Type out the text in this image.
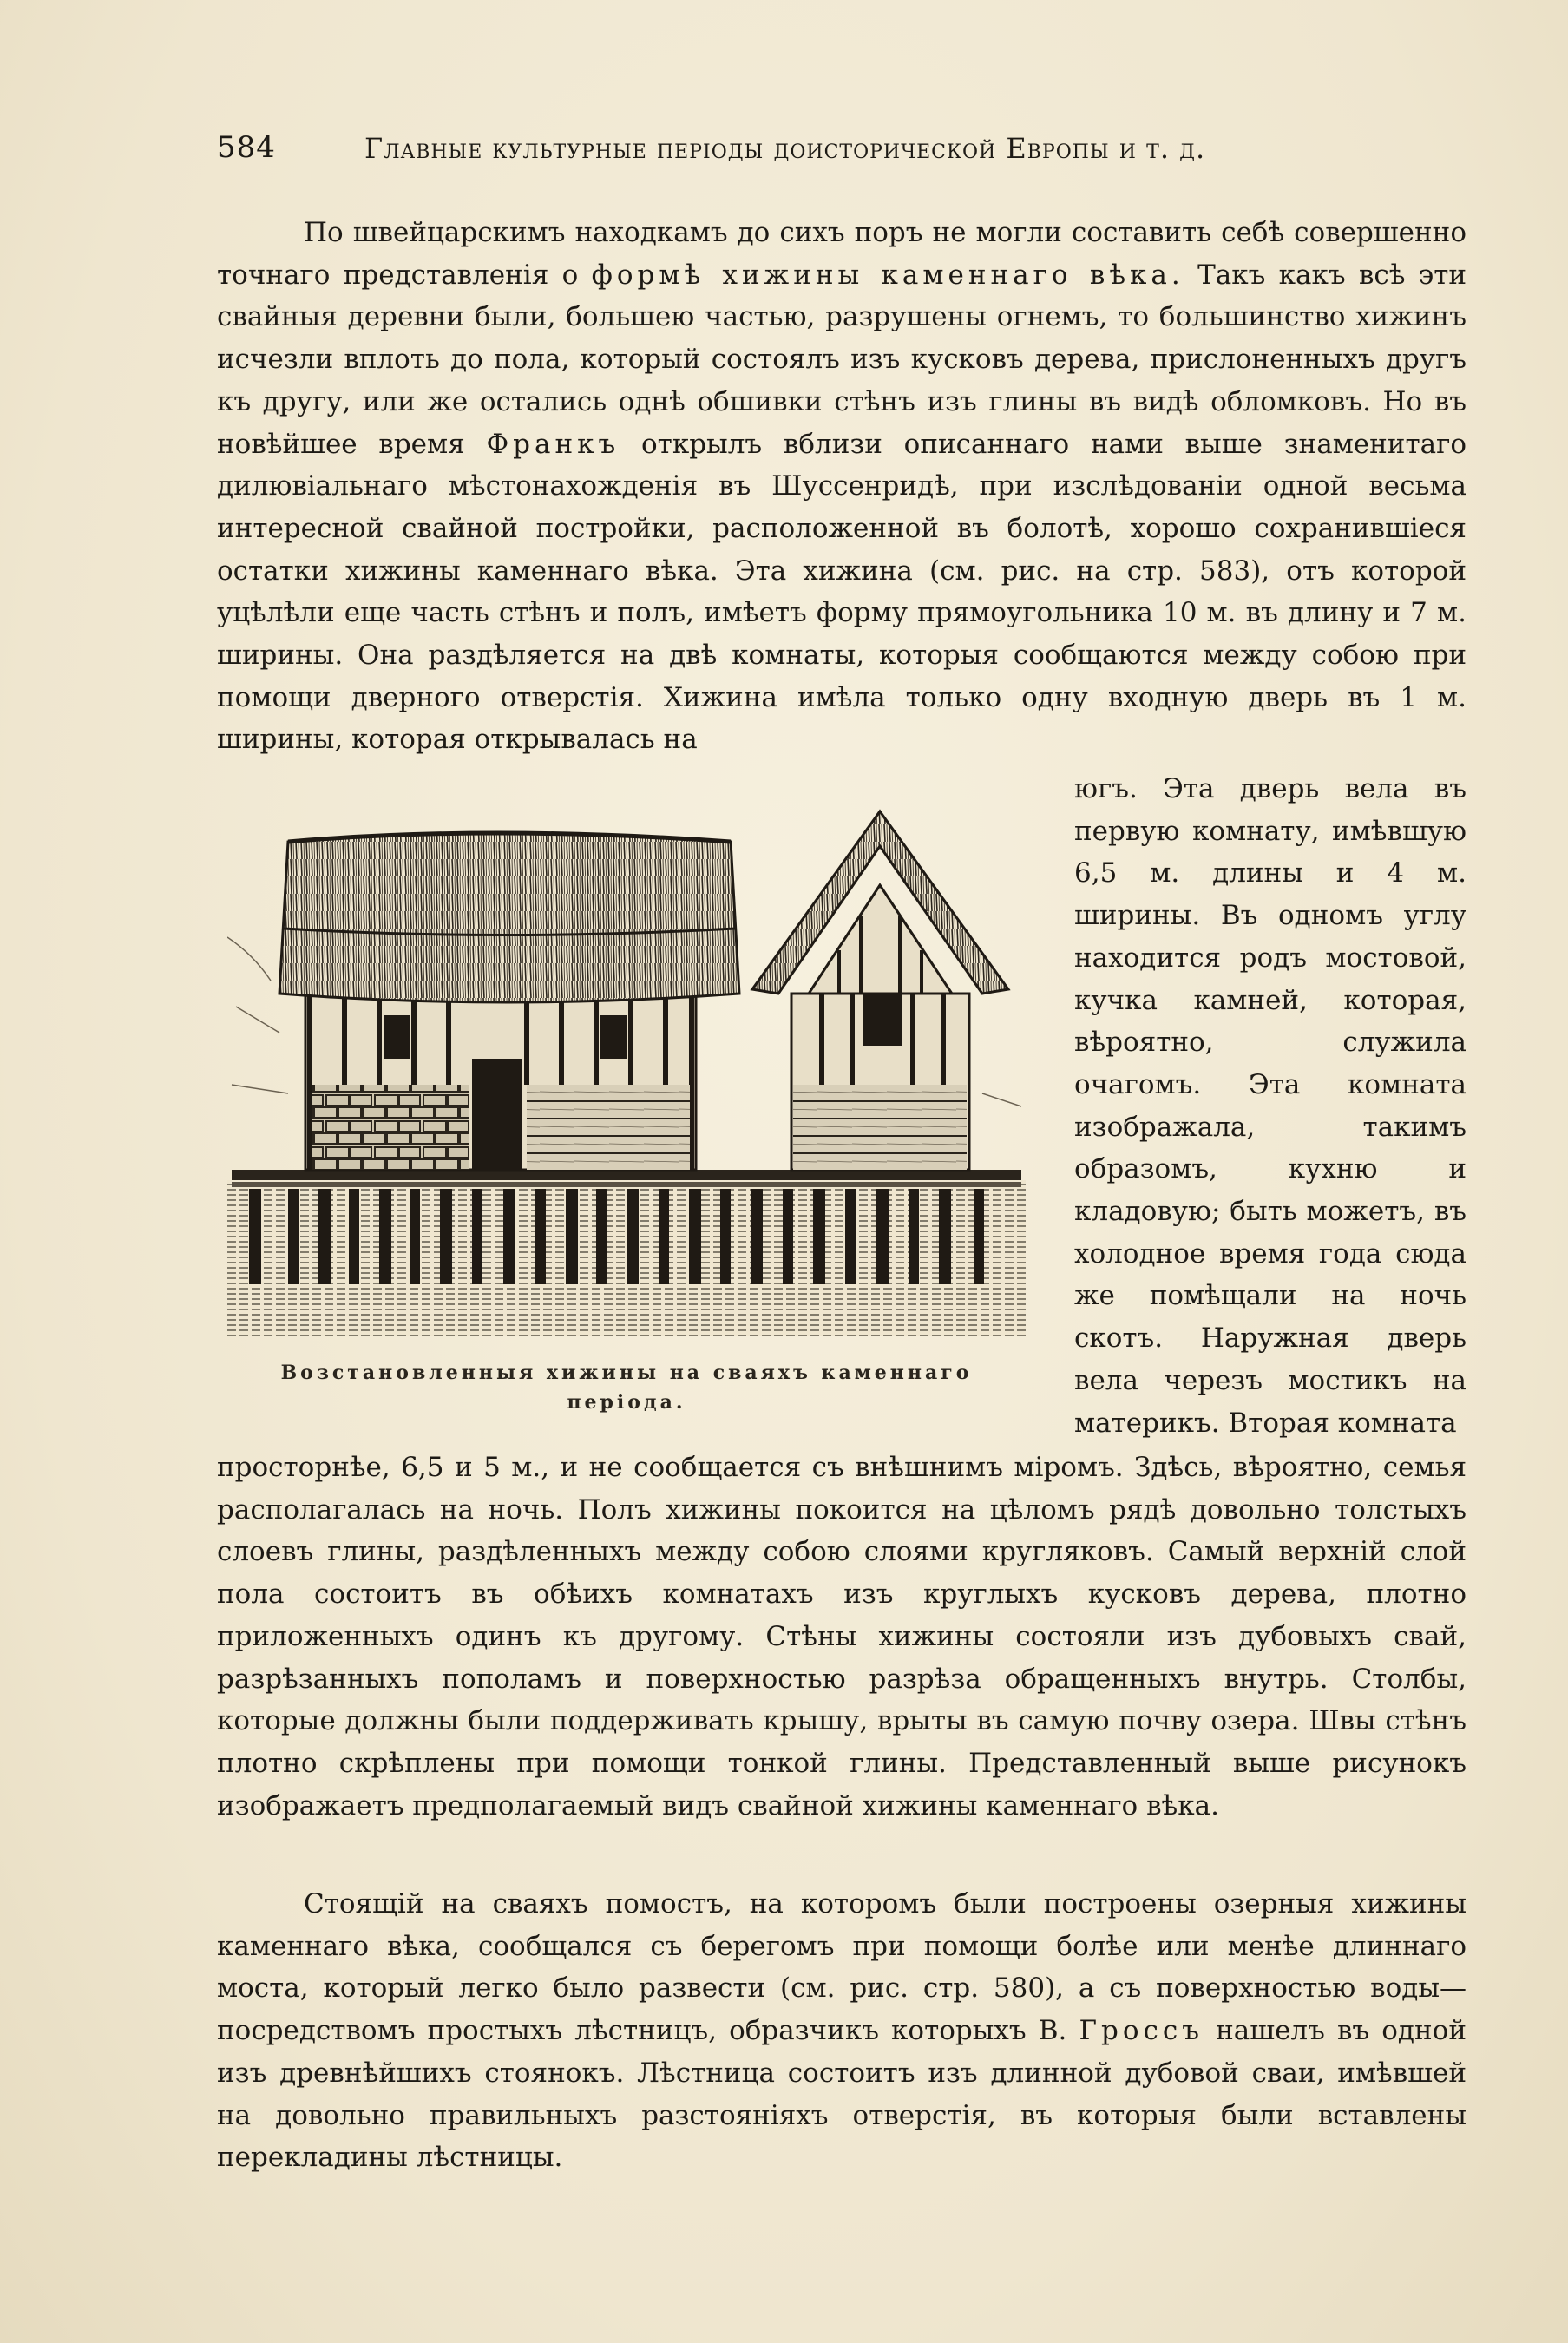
584	Главные культурные перiоды доисторической Европы и т. д.

По швейцарскимъ находкамъ до сихъ поръ не могли составить себѣ совершенно точнаго представленiя о формѣ хижины каменнаго вѣка. Такъ какъ всѣ эти свайныя деревни были, большею частью, разрушены огнемъ, то большинство хижинъ исчезли вплоть до пола, который состоялъ изъ кусковъ дерева, прислоненныхъ другъ къ другу, или же остались однѣ обшивки стѣнъ изъ глины въ видѣ обломковъ. Но въ новѣйшее время Франкъ открылъ вблизи описаннаго нами выше знаменитаго дилювiальнаго мѣстонахожденiя въ Шуссенридѣ, при изслѣдованiи одной весьма интересной свайной постройки, расположенной въ болотѣ, хорошо сохранившiеся остатки хижины каменнаго вѣка. Эта хижина (см. рис. на стр. 583), отъ которой уцѣлѣли еще часть стѣнъ и полъ, имѣетъ форму прямоугольника 10 м. въ длину и 7 м. ширины. Она раздѣляется на двѣ комнаты, которыя сообщаются между собою при помощи дверного отверстiя. Хижина имѣла только одну входную дверь въ 1 м. ширины, которая открывалась на

Возстановленныя хижины на сваяхъ каменнаго перiода.

югъ. Эта дверь вела въ первую комнату, имѣвшую 6,5 м. длины и 4 м. ширины. Въ одномъ углу находится родъ мостовой, кучка камней, которая, вѣроятно, служила очагомъ. Эта комната изображала, такимъ образомъ, кухню и кладовую; быть можетъ, въ холодное время года сюда же помѣщали на ночь скотъ. Наружная дверь вела черезъ мостикъ на материкъ. Вторая комната

просторнѣе, 6,5 и 5 м., и не сообщается съ внѣшнимъ мiромъ. Здѣсь, вѣроятно, семья располагалась на ночь. Полъ хижины покоится на цѣломъ рядѣ довольно толстыхъ слоевъ глины, раздѣленныхъ между собою слоями кругляковъ. Самый верхнiй слой пола состоитъ въ обѣихъ комнатахъ изъ круглыхъ кусковъ дерева, плотно приложенныхъ одинъ къ другому. Стѣны хижины состояли изъ дубовыхъ свай, разрѣзанныхъ пополамъ и поверхностью разрѣза обращенныхъ внутрь. Столбы, которые должны были поддерживать крышу, врыты въ самую почву озера. Швы стѣнъ плотно скрѣплены при помощи тонкой глины. Представленный выше рисунокъ изображаетъ предполагаемый видъ свайной хижины каменнаго вѣка.

Стоящiй на сваяхъ помостъ, на которомъ были построены озерныя хижины каменнаго вѣка, сообщался съ берегомъ при помощи болѣе или менѣе длиннаго моста, который легко было развести (см. рис. стр. 580), а съ поверхностью воды—посредствомъ простыхъ лѣстницъ, образчикъ которыхъ В. Гроссъ нашелъ въ одной изъ древнѣйшихъ стоянокъ. Лѣстница состоитъ изъ длинной дубовой сваи, имѣвшей на довольно правильныхъ разстоянiяхъ отверстiя, въ которыя были вставлены перекладины лѣстницы.
